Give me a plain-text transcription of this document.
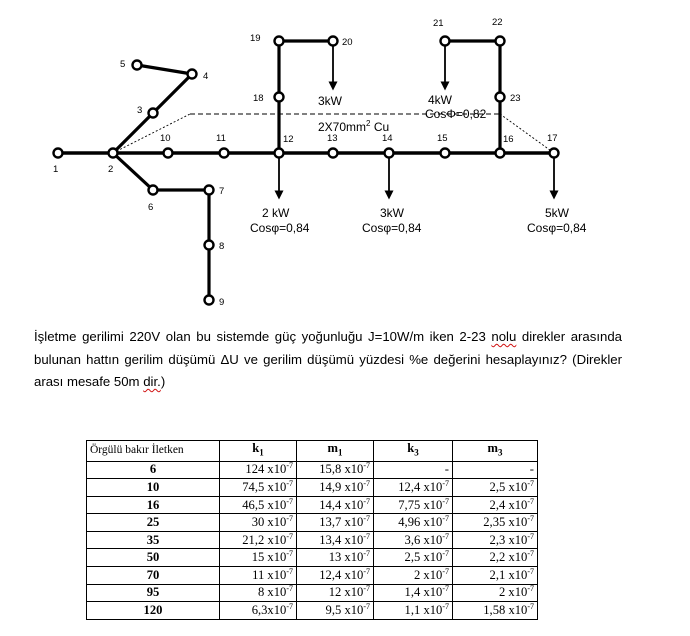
1	2
3
4
5
6
7
8
9
10	11	12	13	14	15	16	17
18
19	20
21	22
23
3kW	4kW
CosΦ=0,82
2 kW
Cosφ=0,84
3kW
Cosφ=0,84
5kW
Cosφ=0,84
$2X70mm^2$ Cu

İşletme gerilimi 220V olan bu sistemde güç yoğunluğu J=10W/m iken 2-23 nolu direkler arasında bulunan hattın gerilim düşümü ΔU ve gerilim düşümü yüzdesi %e değerini hesaplayınız? (Direkler arası mesafe 50m dir.)

Örgülü bakır İletken	$k_1$	$m_1$	$k_3$	$m_3$
6	124 $x10^{-7}$	15,8 $x10^{-7}$	-	-
10	74,5 $x10^{-7}$	14,9 $x10^{-7}$	12,4 $x10^{-7}$	2,5 $x10^{-7}$
16	46,5 $x10^{-7}$	14,4 $x10^{-7}$	7,75 $x10^{-7}$	2,4 $x10^{-7}$
25	30 $x10^{-7}$	13,7 $x10^{-7}$	4,96 $x10^{-7}$	2,35 $x10^{-7}$
35	21,2 $x10^{-7}$	13,4 $x10^{-7}$	3,6 $x10^{-7}$	2,3 $x10^{-7}$
50	15 $x10^{-7}$	13 $x10^{-7}$	2,5 $x10^{-7}$	2,2 $x10^{-7}$
70	11 $x10^{-7}$	12,4 $x10^{-7}$	2 $x10^{-7}$	2,1 $x10^{-7}$
95	8 $x10^{-7}$	12 $x10^{-7}$	1,4 $x10^{-7}$	2 $x10^{-7}$
120	$6,3x10^{-7}$	9,5 $x10^{-7}$	1,1 $x10^{-7}$	1,58 $x10^{-7}$
